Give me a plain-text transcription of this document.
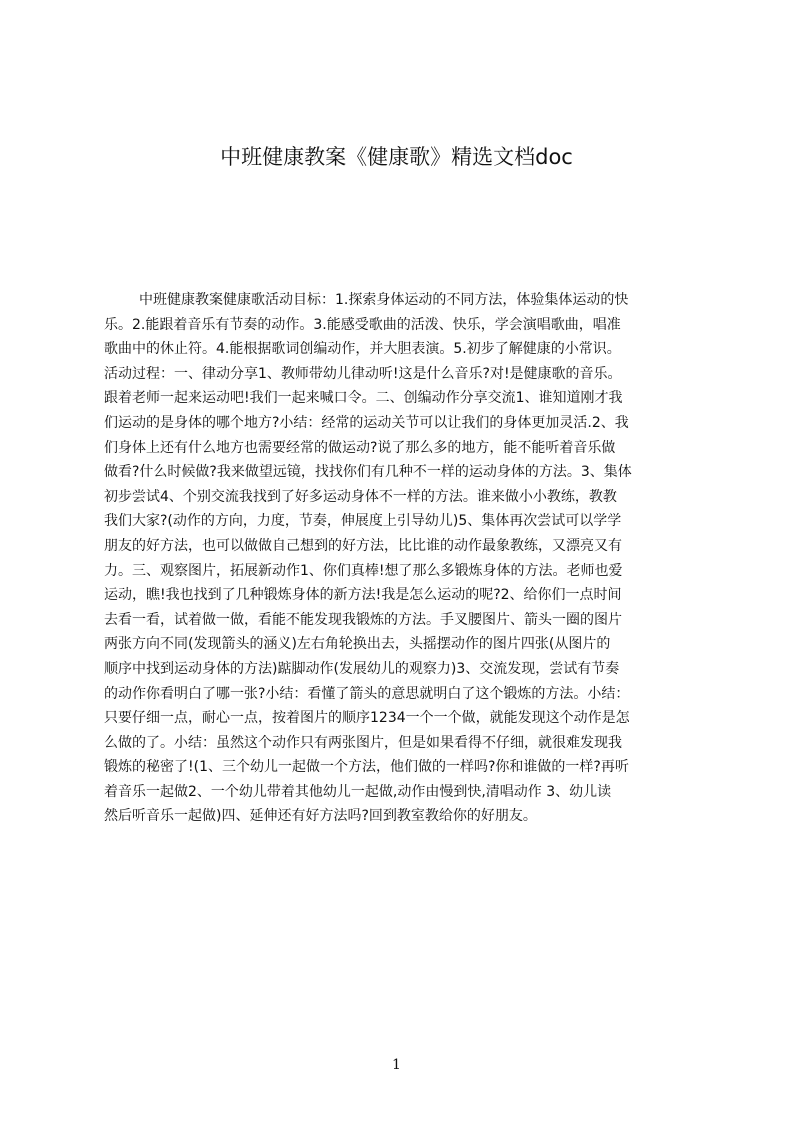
中班健康教案《健康歌》精选文档doc
中班健康教案健康歌活动目标：1.探索身体运动的不同方法，体验集体运动的快
乐。2.能跟着音乐有节奏的动作。3.能感受歌曲的活泼、快乐，学会演唱歌曲，唱准
歌曲中的休止符。4.能根据歌词创编动作，并大胆表演。5.初步了解健康的小常识。
活动过程：一、律动分享1、教师带幼儿律动听!这是什么音乐?对!是健康歌的音乐。
跟着老师一起来运动吧!我们一起来喊口令。二、创编动作分享交流1、谁知道刚才我
们运动的是身体的哪个地方?小结：经常的运动关节可以让我们的身体更加灵活.2、我
们身体上还有什么地方也需要经常的做运动?说了那么多的地方，能不能听着音乐做
做看?什么时候做?我来做望远镜，找找你们有几种不一样的运动身体的方法。3、集体
初步尝试4、个别交流我找到了好多运动身体不一样的方法。谁来做小小教练，教教
我们大家?(动作的方向，力度，节奏，伸展度上引导幼儿)5、集体再次尝试可以学学
朋友的好方法，也可以做做自己想到的好方法，比比谁的动作最象教练，又漂亮又有
力。三、观察图片，拓展新动作1、你们真棒!想了那么多锻炼身体的方法。老师也爱
运动，瞧!我也找到了几种锻炼身体的新方法!我是怎么运动的呢?2、给你们一点时间
去看一看，试着做一做，看能不能发现我锻炼的方法。手叉腰图片、箭头一圈的图片
两张方向不同(发现箭头的涵义)左右角轮换出去，头摇摆动作的图片四张(从图片的
顺序中找到运动身体的方法)踮脚动作(发展幼儿的观察力)3、交流发现，尝试有节奏
的动作你看明白了哪一张?小结：看懂了箭头的意思就明白了这个锻炼的方法。小结：
只要仔细一点，耐心一点，按着图片的顺序1234一个一个做，就能发现这个动作是怎
么做的了。小结：虽然这个动作只有两张图片，但是如果看得不仔细，就很难发现我
锻炼的秘密了!(1、三个幼儿一起做一个方法，他们做的一样吗?你和谁做的一样?再听
着音乐一起做2、一个幼儿带着其他幼儿一起做,动作由慢到快,清唱动作 3、幼儿读
然后听音乐一起做)四、延伸还有好方法吗?回到教室教给你的好朋友。
1
